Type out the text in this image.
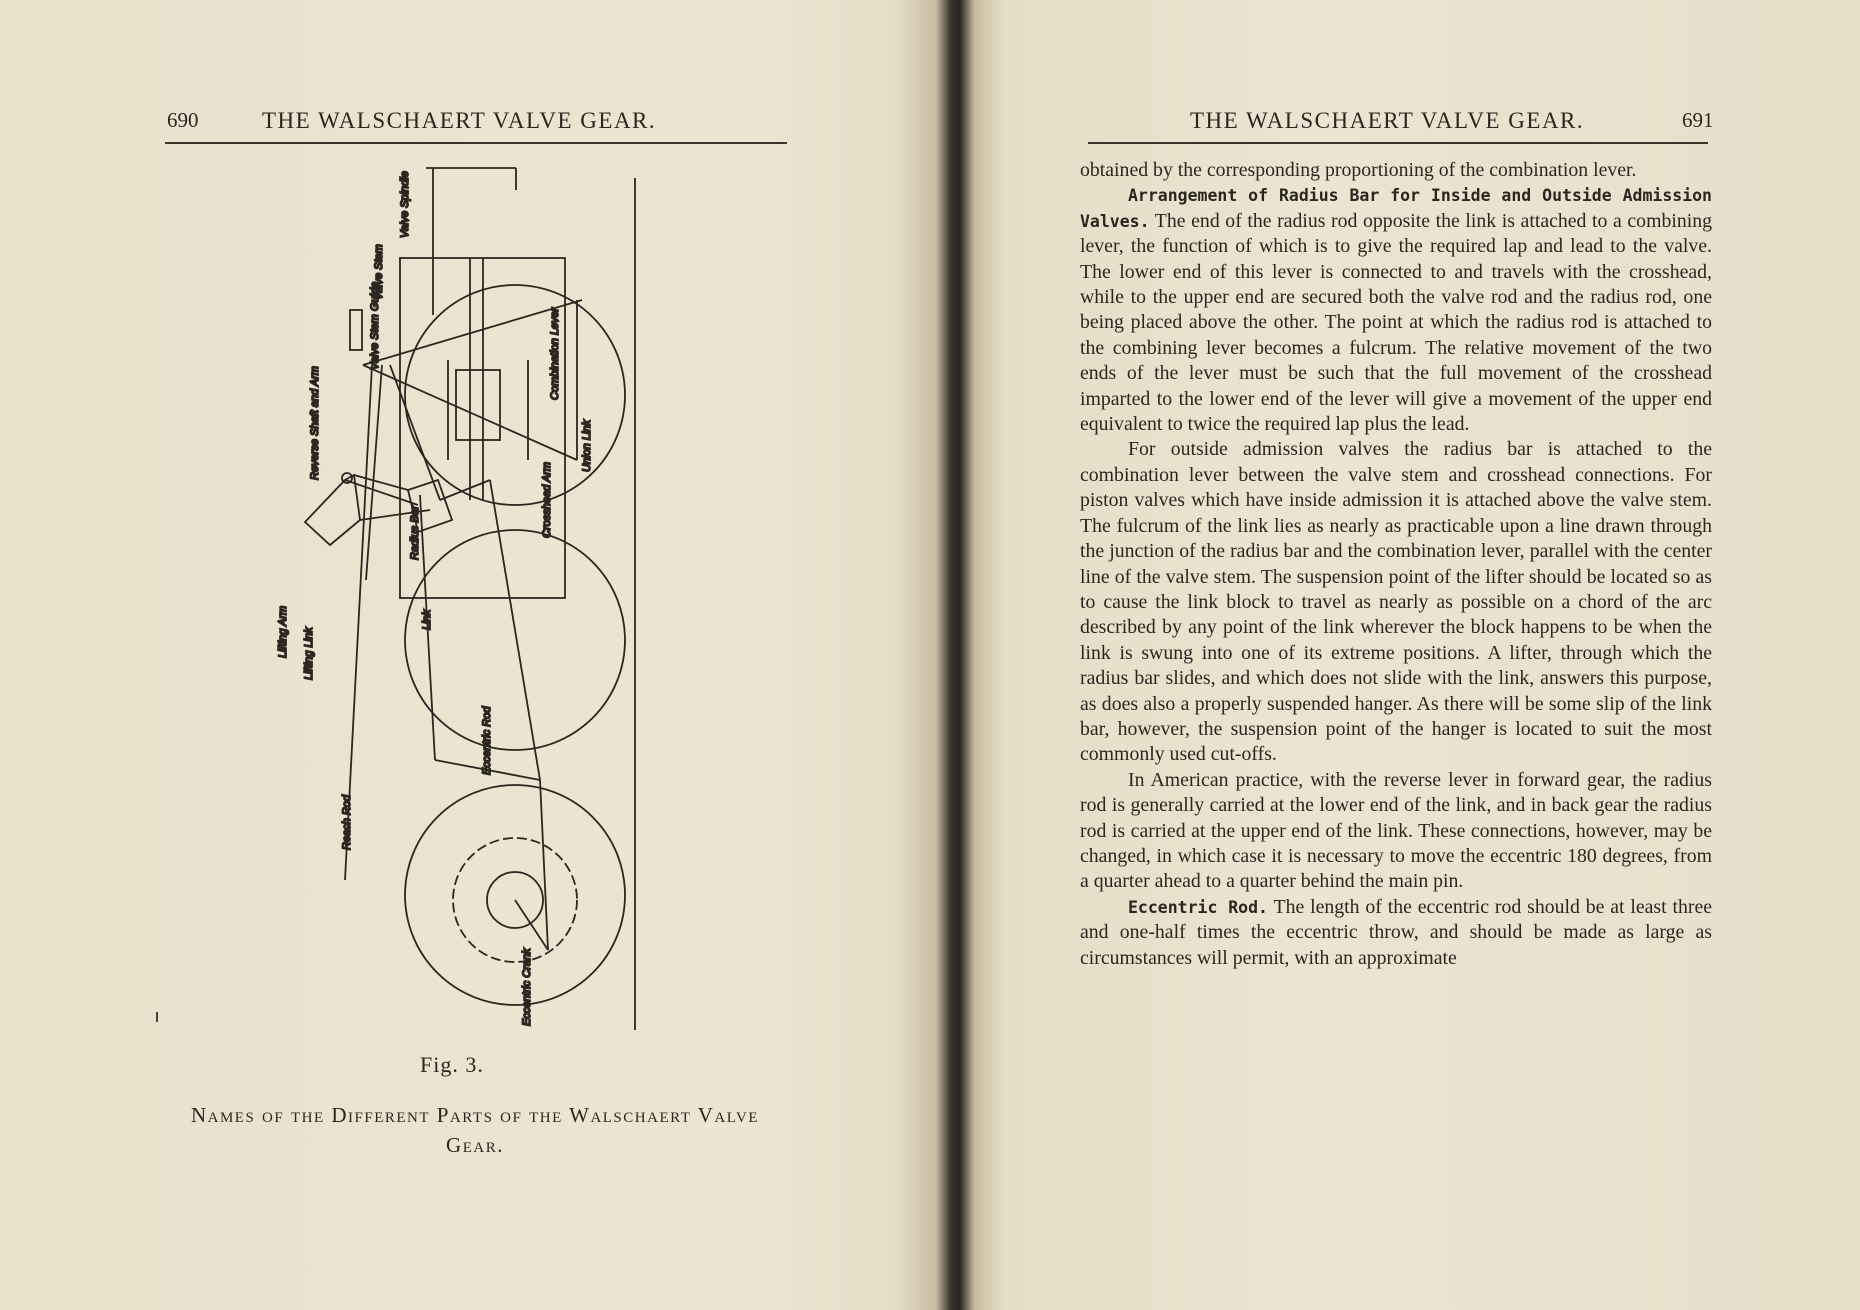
690	THE WALSCHAERT VALVE GEAR.
Valve Spindle
Valve Stem
Valve Stem Guide	Combination Lever
Union Link
Crosshead Arm
Reverse Shaft and Arm
Radius Bar
Link
Lifting Arm Lifting Link
Eccentric Rod
Reach Rod
Eccentric Crank
Fig. 3.
Names of the Different Parts of the Walschaert Valve Gear.
THE WALSCHAERT VALVE GEAR.	691

obtained by the corresponding proportioning of the combination lever.

Arrangement of Radius Bar for Inside and Outside Admission Valves. The end of the radius rod opposite the link is attached to a combining lever, the function of which is to give the required lap and lead to the valve. The lower end of this lever is connected to and travels with the crosshead, while to the upper end are secured both the valve rod and the radius rod, one being placed above the other. The point at which the radius rod is attached to the combining lever becomes a fulcrum. The relative movement of the two ends of the lever must be such that the full movement of the crosshead imparted to the lower end of the lever will give a movement of the upper end equivalent to twice the required lap plus the lead.

For outside admission valves the radius bar is attached to the combination lever between the valve stem and crosshead connections. For piston valves which have inside admission it is attached above the valve stem. The fulcrum of the link lies as nearly as practicable upon a line drawn through the junction of the radius bar and the combination lever, parallel with the center line of the valve stem. The suspension point of the lifter should be located so as to cause the link block to travel as nearly as possible on a chord of the arc described by any point of the link wherever the block happens to be when the link is swung into one of its extreme positions. A lifter, through which the radius bar slides, and which does not slide with the link, answers this purpose, as does also a properly suspended hanger. As there will be some slip of the link bar, however, the suspension point of the hanger is located to suit the most commonly used cut-offs.

In American practice, with the reverse lever in forward gear, the radius rod is generally carried at the lower end of the link, and in back gear the radius rod is carried at the upper end of the link. These connections, however, may be changed, in which case it is necessary to move the eccentric 180 degrees, from a quarter ahead to a quarter behind the main pin.

Eccentric Rod. The length of the eccentric rod should be at least three and one-half times the eccentric throw, and should be made as large as circumstances will permit, with an approximate
